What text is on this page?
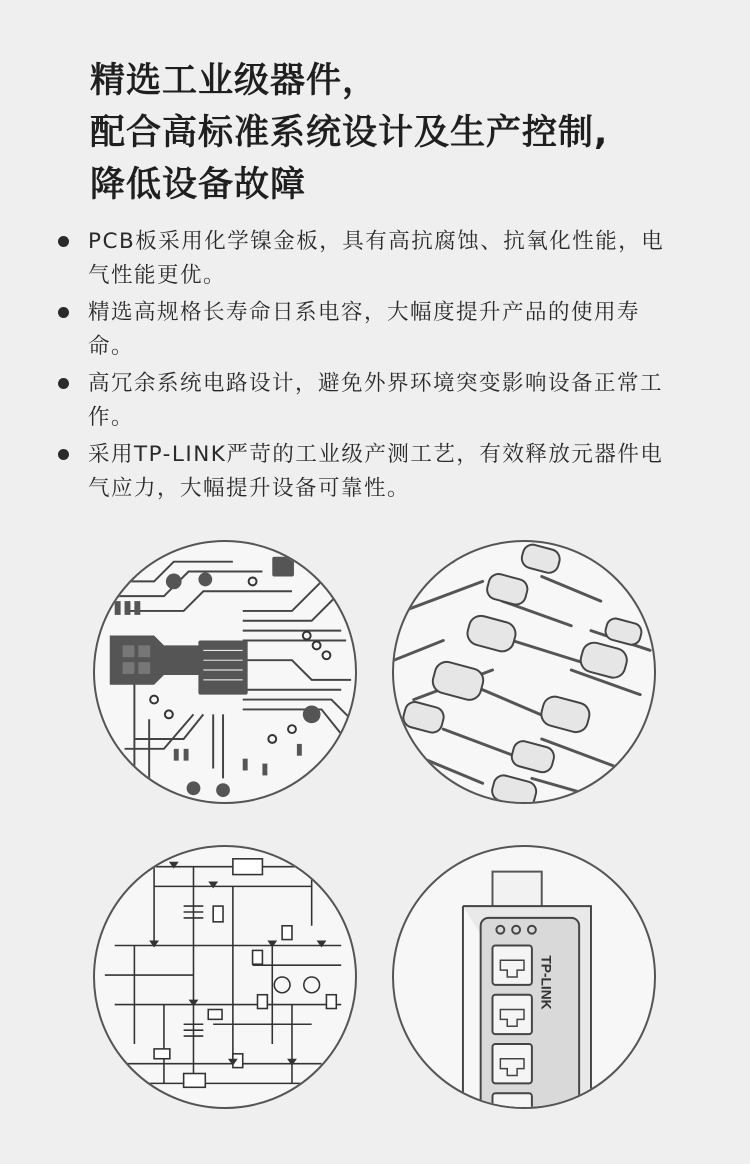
精选工业级器件，
配合高标准系统设计及生产控制,
降低设备故障
PCB板采用化学镍金板，具有高抗腐蚀、抗氧化性能，电气性能更优。
精选高规格长寿命日系电容，大幅度提升产品的使用寿命。
高冗余系统电路设计，避免外界环境突变影响设备正常工作。
采用TP-LINK严苛的工业级产测工艺，有效释放元器件电气应力，大幅提升设备可靠性。
TP-LINK
